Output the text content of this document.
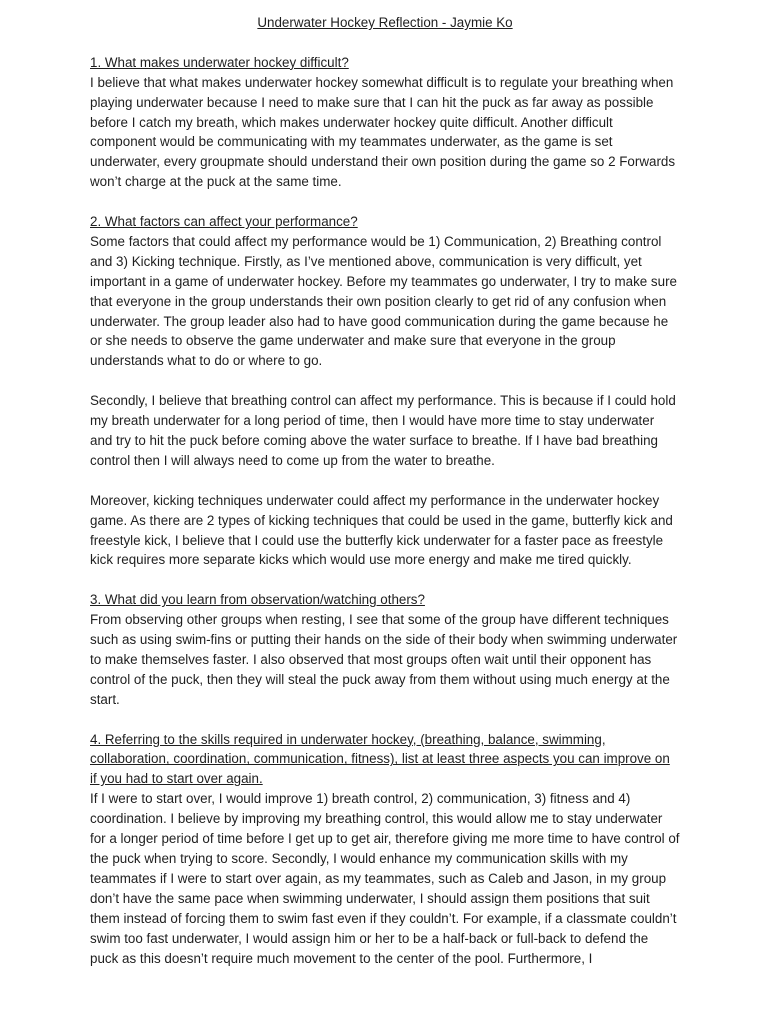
Underwater Hockey Reflection - Jaymie Ko

1. What makes underwater hockey difficult?

I believe that what makes underwater hockey somewhat difficult is to regulate your breathing when playing underwater because I need to make sure that I can hit the puck as far away as possible before I catch my breath, which makes underwater hockey quite difficult. Another difficult component would be communicating with my teammates underwater, as the game is set underwater, every groupmate should understand their own position during the game so 2 Forwards won’t charge at the puck at the same time.

2. What factors can affect your performance?

Some factors that could affect my performance would be 1) Communication, 2) Breathing control and 3) Kicking technique. Firstly, as I’ve mentioned above, communication is very difficult, yet important in a game of underwater hockey. Before my teammates go underwater, I try to make sure that everyone in the group understands their own position clearly to get rid of any confusion when underwater. The group leader also had to have good communication during the game because he or she needs to observe the game underwater and make sure that everyone in the group understands what to do or where to go.

Secondly, I believe that breathing control can affect my performance. This is because if I could hold my breath underwater for a long period of time, then I would have more time to stay underwater and try to hit the puck before coming above the water surface to breathe. If I have bad breathing control then I will always need to come up from the water to breathe.

Moreover, kicking techniques underwater could affect my performance in the underwater hockey game. As there are 2 types of kicking techniques that could be used in the game, butterfly kick and freestyle kick, I believe that I could use the butterfly kick underwater for a faster pace as freestyle kick requires more separate kicks which would use more energy and make me tired quickly.

3. What did you learn from observation/watching others?

From observing other groups when resting, I see that some of the group have different techniques such as using swim-fins or putting their hands on the side of their body when swimming underwater to make themselves faster. I also observed that most groups often wait until their opponent has control of the puck, then they will steal the puck away from them without using much energy at the start.

4. Referring to the skills required in underwater hockey, (breathing, balance, swimming, collaboration, coordination, communication, fitness), list at least three aspects you can improve on if you had to start over again.

If I were to start over, I would improve 1) breath control, 2) communication, 3) fitness and 4) coordination. I believe by improving my breathing control, this would allow me to stay underwater for a longer period of time before I get up to get air, therefore giving me more time to have control of the puck when trying to score. Secondly, I would enhance my communication skills with my teammates if I were to start over again, as my teammates, such as Caleb and Jason, in my group don’t have the same pace when swimming underwater, I should assign them positions that suit them instead of forcing them to swim fast even if they couldn’t. For example, if a classmate couldn’t swim too fast underwater, I would assign him or her to be a half-back or full-back to defend the puck as this doesn’t require much movement to the center of the pool. Furthermore, I
